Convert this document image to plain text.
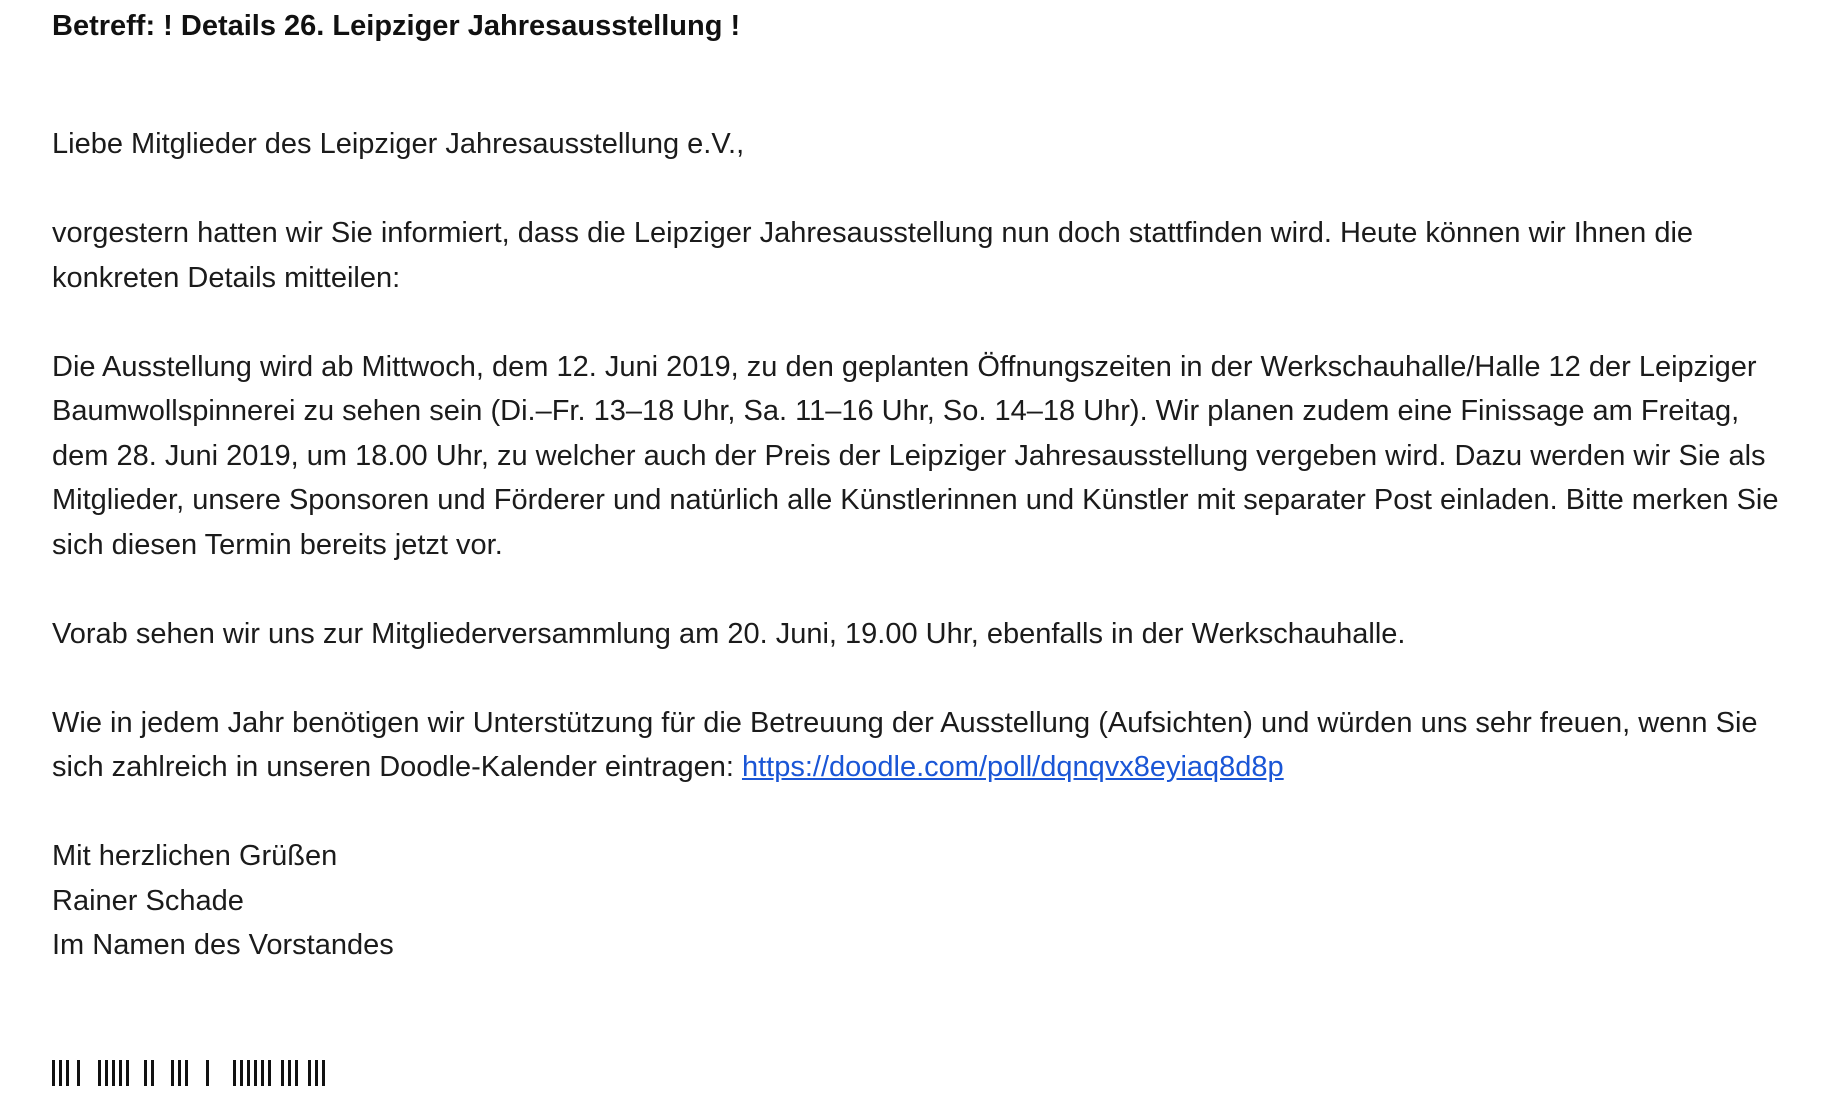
Betreff: ! Details 26. Leipziger Jahresausstellung !

Liebe Mitglieder des Leipziger Jahresausstellung e.V.,

vorgestern hatten wir Sie informiert, dass die Leipziger Jahresausstellung nun doch stattfinden wird. Heute können wir Ihnen die konkreten Details mitteilen:

Die Ausstellung wird ab Mittwoch, dem 12. Juni 2019, zu den geplanten Öffnungszeiten in der Werkschauhalle/Halle 12 der Leipziger Baumwollspinnerei zu sehen sein (Di.–Fr. 13–18 Uhr, Sa. 11–16 Uhr, So. 14–18 Uhr). Wir planen zudem eine Finissage am Freitag, dem 28. Juni 2019, um 18.00 Uhr, zu welcher auch der Preis der Leipziger Jahresausstellung vergeben wird. Dazu werden wir Sie als Mitglieder, unsere Sponsoren und Förderer und natürlich alle Künstlerinnen und Künstler mit separater Post einladen. Bitte merken Sie sich diesen Termin bereits jetzt vor.

Vorab sehen wir uns zur Mitgliederversammlung am 20. Juni, 19.00 Uhr, ebenfalls in der Werkschauhalle.

Wie in jedem Jahr benötigen wir Unterstützung für die Betreuung der Ausstellung (Aufsichten) und würden uns sehr freuen, wenn Sie sich zahlreich in unseren Doodle-Kalender eintragen: https://doodle.com/poll/dqnqvx8eyiaq8d8p

Mit herzlichen Grüßen
Rainer Schade
Im Namen des Vorstandes
